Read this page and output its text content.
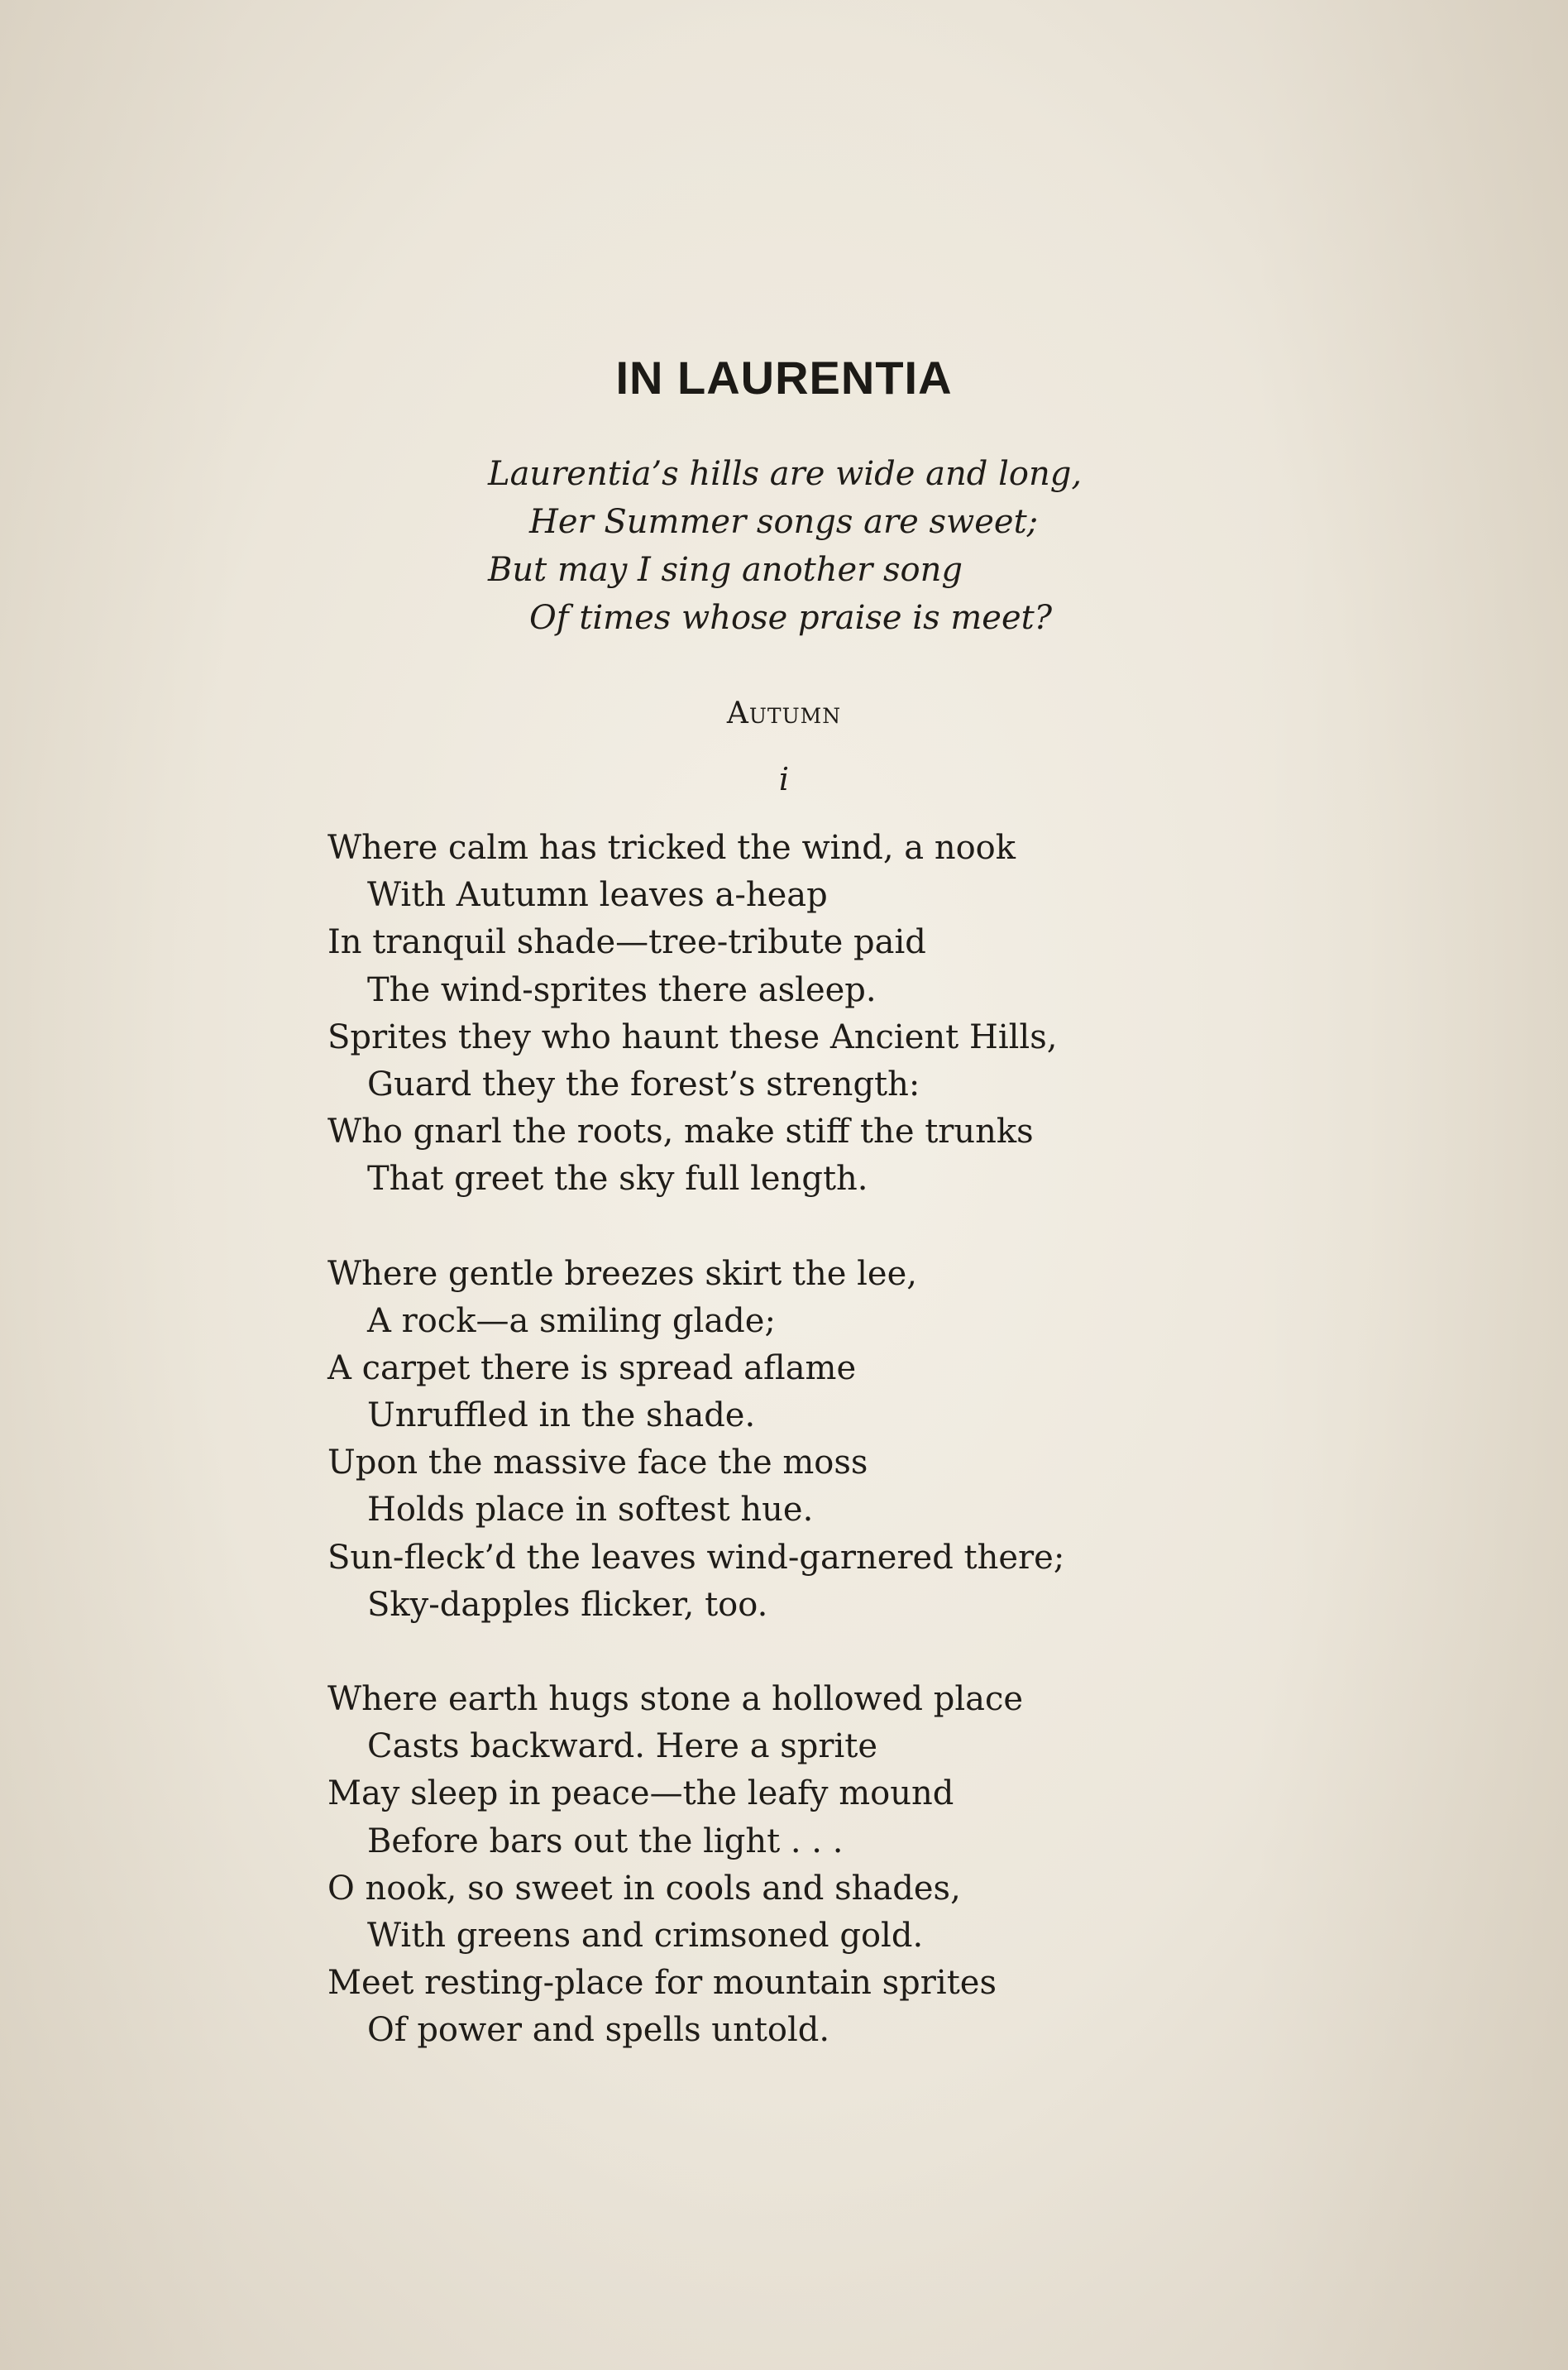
IN LAURENTIA
Laurentia’s hills are wide and long,
Her Summer songs are sweet;
But may I sing another song
Of times whose praise is meet?
Autumn
i
Where calm has tricked the wind, a nook
With Autumn leaves a-heap
In tranquil shade—tree-tribute paid
The wind-sprites there asleep.
Sprites they who haunt these Ancient Hills,
Guard they the forest’s strength:
Who gnarl the roots, make stiff the trunks
That greet the sky full length.
Where gentle breezes skirt the lee,
A rock—a smiling glade;
A carpet there is spread aflame
Unruffled in the shade.
Upon the massive face the moss
Holds place in softest hue.
Sun-fleck’d the leaves wind-garnered there;
Sky-dapples flicker, too.
Where earth hugs stone a hollowed place
Casts backward. Here a sprite
May sleep in peace—the leafy mound
Before bars out the light . . .
O nook, so sweet in cools and shades,
With greens and crimsoned gold.
Meet resting-place for mountain sprites
Of power and spells untold.
